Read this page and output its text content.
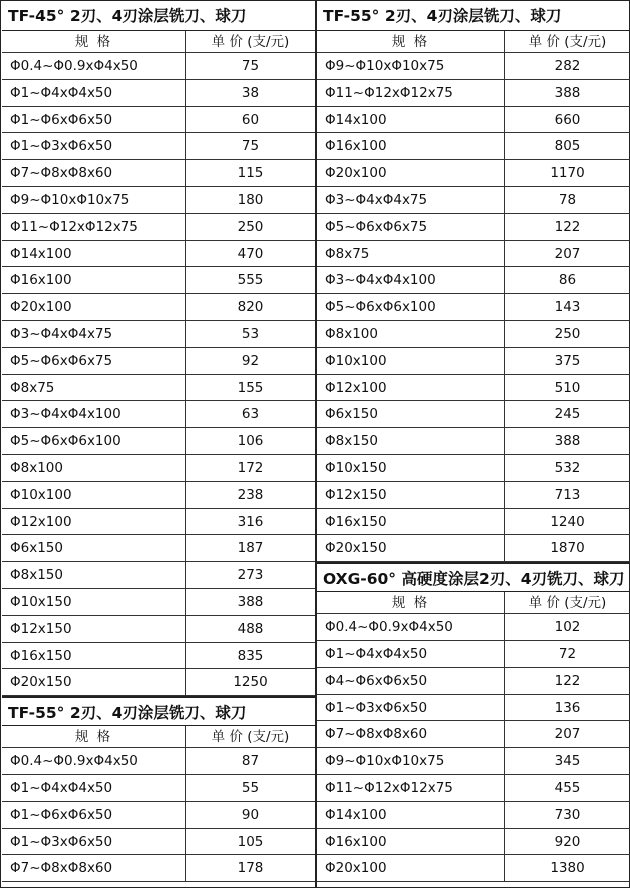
TF-45° 2刃、4刃涂层铣刀、球刀
规 格	单 价 (支/元)
Φ0.4~Φ0.9xΦ4x50	75
Φ1~Φ4xΦ4x50	38
Φ1~Φ6xΦ6x50	60
Φ1~Φ3xΦ6x50	75
Φ7~Φ8xΦ8x60	115
Φ9~Φ10xΦ10x75	180
Φ11~Φ12xΦ12x75	250
Φ14x100	470
Φ16x100	555
Φ20x100	820
Φ3~Φ4xΦ4x75	53
Φ5~Φ6xΦ6x75	92
Φ8x75	155
Φ3~Φ4xΦ4x100	63
Φ5~Φ6xΦ6x100	106
Φ8x100	172
Φ10x100	238
Φ12x100	316
Φ6x150	187
Φ8x150	273
Φ10x150	388
Φ12x150	488
Φ16x150	835
Φ20x150	1250
TF-55° 2刃、4刃涂层铣刀、球刀
规 格	单 价 (支/元)
Φ0.4~Φ0.9xΦ4x50	87
Φ1~Φ4xΦ4x50	55
Φ1~Φ6xΦ6x50	90
Φ1~Φ3xΦ6x50	105
Φ7~Φ8xΦ8x60	178
TF-55° 2刃、4刃涂层铣刀、球刀
规 格	单 价 (支/元)
Φ9~Φ10xΦ10x75	282
Φ11~Φ12xΦ12x75	388
Φ14x100	660
Φ16x100	805
Φ20x100	1170
Φ3~Φ4xΦ4x75	78
Φ5~Φ6xΦ6x75	122
Φ8x75	207
Φ3~Φ4xΦ4x100	86
Φ5~Φ6xΦ6x100	143
Φ8x100	250
Φ10x100	375
Φ12x100	510
Φ6x150	245
Φ8x150	388
Φ10x150	532
Φ12x150	713
Φ16x150	1240
Φ20x150	1870
OXG-60° 高硬度涂层2刃、4刃铣刀、球刀
规 格	单 价 (支/元)
Φ0.4~Φ0.9xΦ4x50	102
Φ1~Φ4xΦ4x50	72
Φ4~Φ6xΦ6x50	122
Φ1~Φ3xΦ6x50	136
Φ7~Φ8xΦ8x60	207
Φ9~Φ10xΦ10x75	345
Φ11~Φ12xΦ12x75	455
Φ14x100	730
Φ16x100	920
Φ20x100	1380
